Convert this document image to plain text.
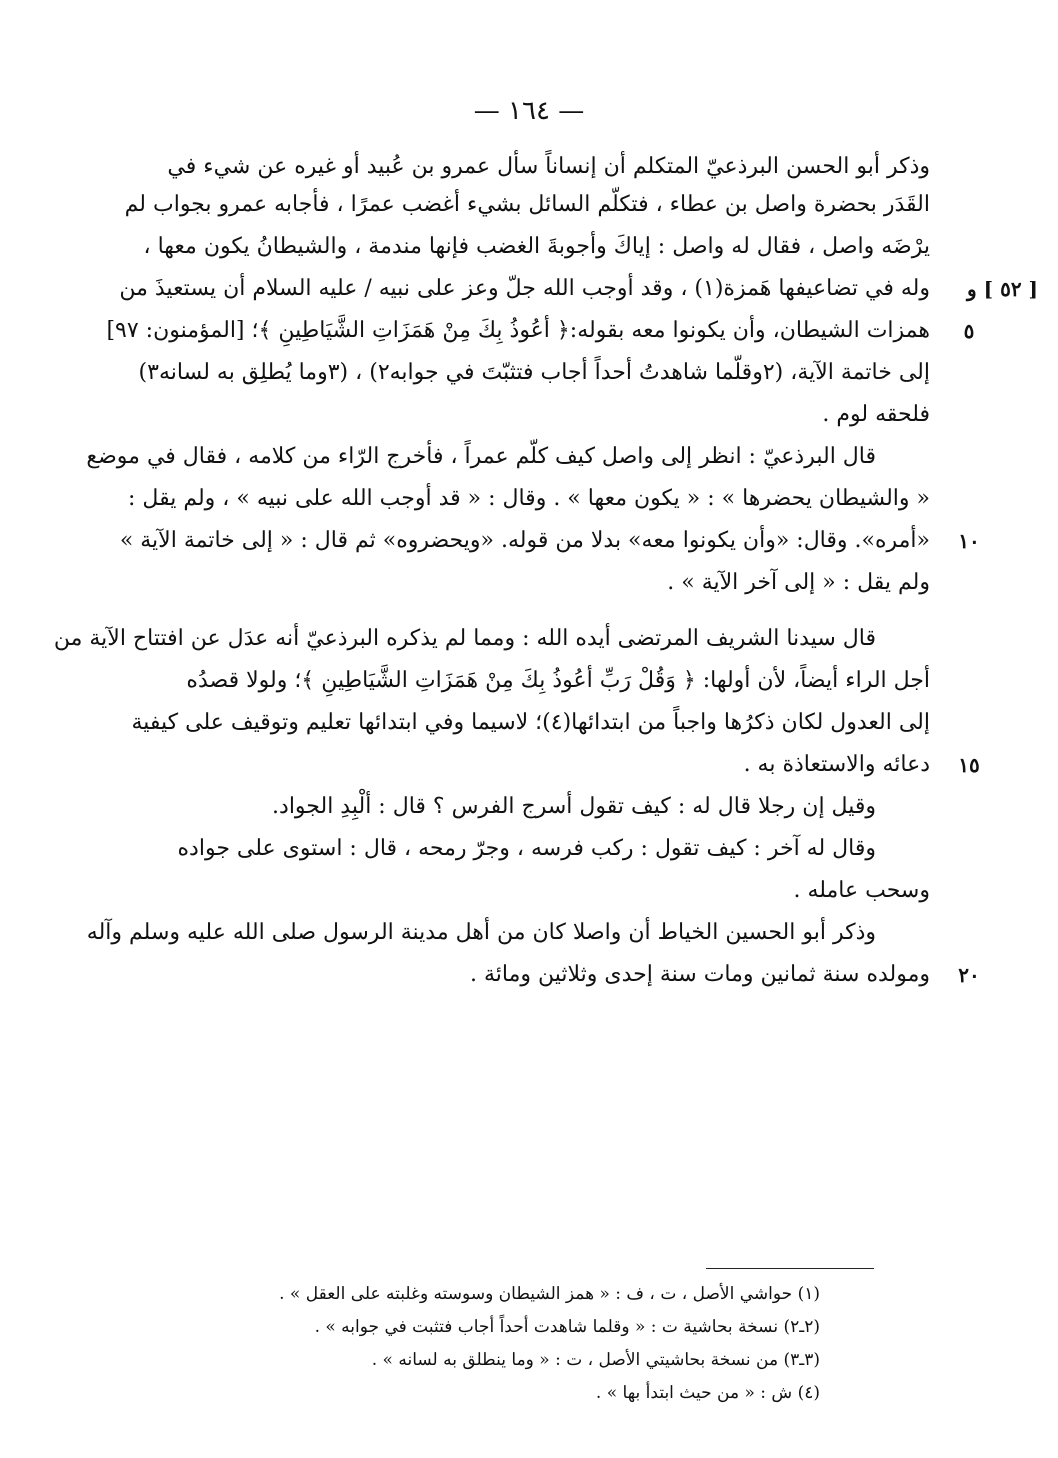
— ١٦٤ —
وذكر أبو الحسن البرذعيّ المتكلم أن إنساناً سأل عمرو بن عُبيد أو غيره عن شيء في
القَدَر بحضرة واصل بن عطاء ، فتكلّم السائل بشيء أغضب عمرًا ، فأجابه عمرو بجواب لم
يرْضَه واصل ، فقال له واصل : إياكَ وأجوبةَ الغضب فإنها مندمة ، والشيطانُ يكون معها ،
وله في تضاعيفها هَمزة(١) ، وقد أوجب الله جلّ وعز على نبيه / عليه السلام أن يستعيذَ من [ ٥٢ ] و
همزات الشيطان، وأن يكونوا معه بقوله:﴿ أعُوذُ بِكَ مِنْ هَمَزَاتِ الشَّيَاطِينِ ﴾؛ [المؤمنون: ٩٧]	٥
إلى خاتمة الآية، (٢وقلّما شاهدتُ أحداً أجاب فتثبّتَ في جوابه٢) ، (٣وما يُطلِق به لسانه٣)
فلحقه لوم .
قال البرذعيّ : انظر إلى واصل كيف كلّم عمراً ، فأخرج الرّاء من كلامه ، فقال في موضع
« والشيطان يحضرها » : « يكون معها » . وقال : « قد أوجب الله على نبيه » ، ولم يقل :
«أمره». وقال: «وأن يكونوا معه» بدلا من قوله. «ويحضروه» ثم قال : « إلى خاتمة الآية »	١٠
ولم يقل : « إلى آخر الآية » .
قال سيدنا الشريف المرتضى أيده الله : ومما لم يذكره البرذعيّ أنه عدَل عن افتتاح الآية من
أجل الراء أيضاً، لأن أولها: ﴿ وَقُلْ رَبِّ أعُوذُ بِكَ مِنْ هَمَزَاتِ الشَّيَاطِينِ ﴾؛ ولولا قصدُه
إلى العدول لكان ذكرُها واجباً من ابتدائها(٤)؛ لاسيما وفي ابتدائها تعليم وتوقيف على كيفية
دعائه والاستعاذة به .	١٥
وقيل إن رجلا قال له : كيف تقول أسرج الفرس ؟ قال : ألْبِدِ الجواد.
وقال له آخر : كيف تقول : ركب فرسه ، وجرّ رمحه ، قال : استوى على جواده
وسحب عامله .
وذكر أبو الحسين الخياط أن واصلا كان من أهل مدينة الرسول صلى الله عليه وسلم وآله
ومولده سنة ثمانين ومات سنة إحدى وثلاثين ومائة .	٢٠
(١) حواشي الأصل ، ت ، ف : « همز الشيطان وسوسته وغلبته على العقل » .
(٢ـ٢) نسخة بحاشية ت : « وقلما شاهدت أحداً أجاب فتثبت في جوابه » .
(٣ـ٣) من نسخة بحاشيتي الأصل ، ت : « وما ينطلق به لسانه » .
(٤) ش : « من حيث ابتدأ بها » .
